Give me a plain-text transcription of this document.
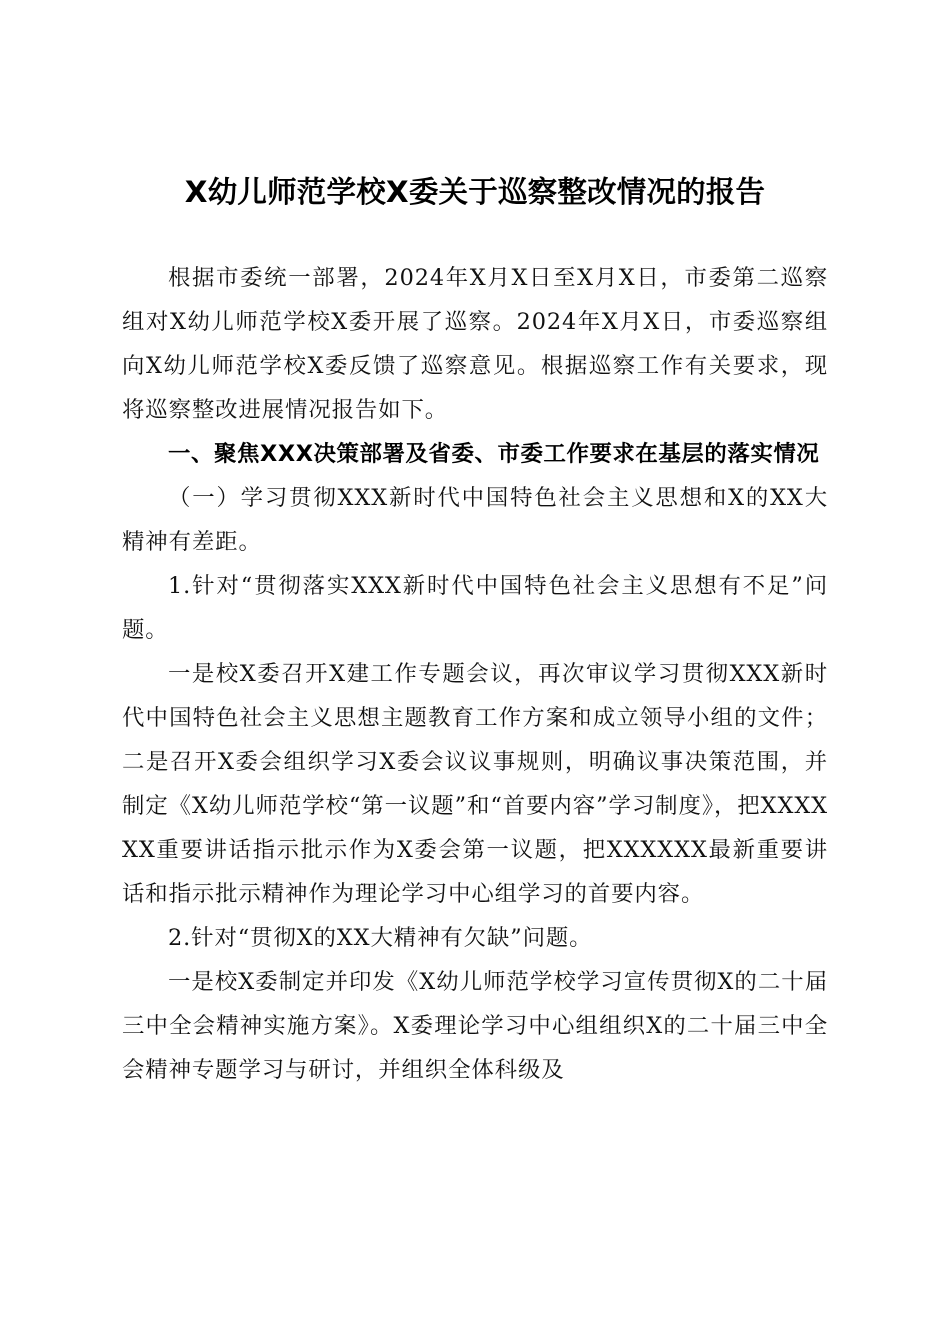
X幼儿师范学校X委关于巡察整改情况的报告

根据市委统一部署，2024年X月X日至X月X日，市委第二巡察组对X幼儿师范学校X委开展了巡察。2024年X月X日，市委巡察组向X幼儿师范学校X委反馈了巡察意见。根据巡察工作有关要求，现将巡察整改进展情况报告如下。

一、聚焦XXX决策部署及省委、市委工作要求在基层的落实情况

（一）学习贯彻XXX新时代中国特色社会主义思想和X的XX大精神有差距。

1.针对“贯彻落实XXX新时代中国特色社会主义思想有不足”问题。

一是校X委召开X建工作专题会议，再次审议学习贯彻XXX新时代中国特色社会主义思想主题教育工作方案和成立领导小组的文件；二是召开X委会组织学习X委会议议事规则，明确议事决策范围，并制定《X幼儿师范学校“第一议题”和“首要内容”学习制度》，把XXXXXX重要讲话指示批示作为X委会第一议题，把XXXXXX最新重要讲话和指示批示精神作为理论学习中心组学习的首要内容。

2.针对“贯彻X的XX大精神有欠缺”问题。

一是校X委制定并印发《X幼儿师范学校学习宣传贯彻X的二十届三中全会精神实施方案》。X委理论学习中心组组织X的二十届三中全会精神专题学习与研讨，并组织全体科级及
